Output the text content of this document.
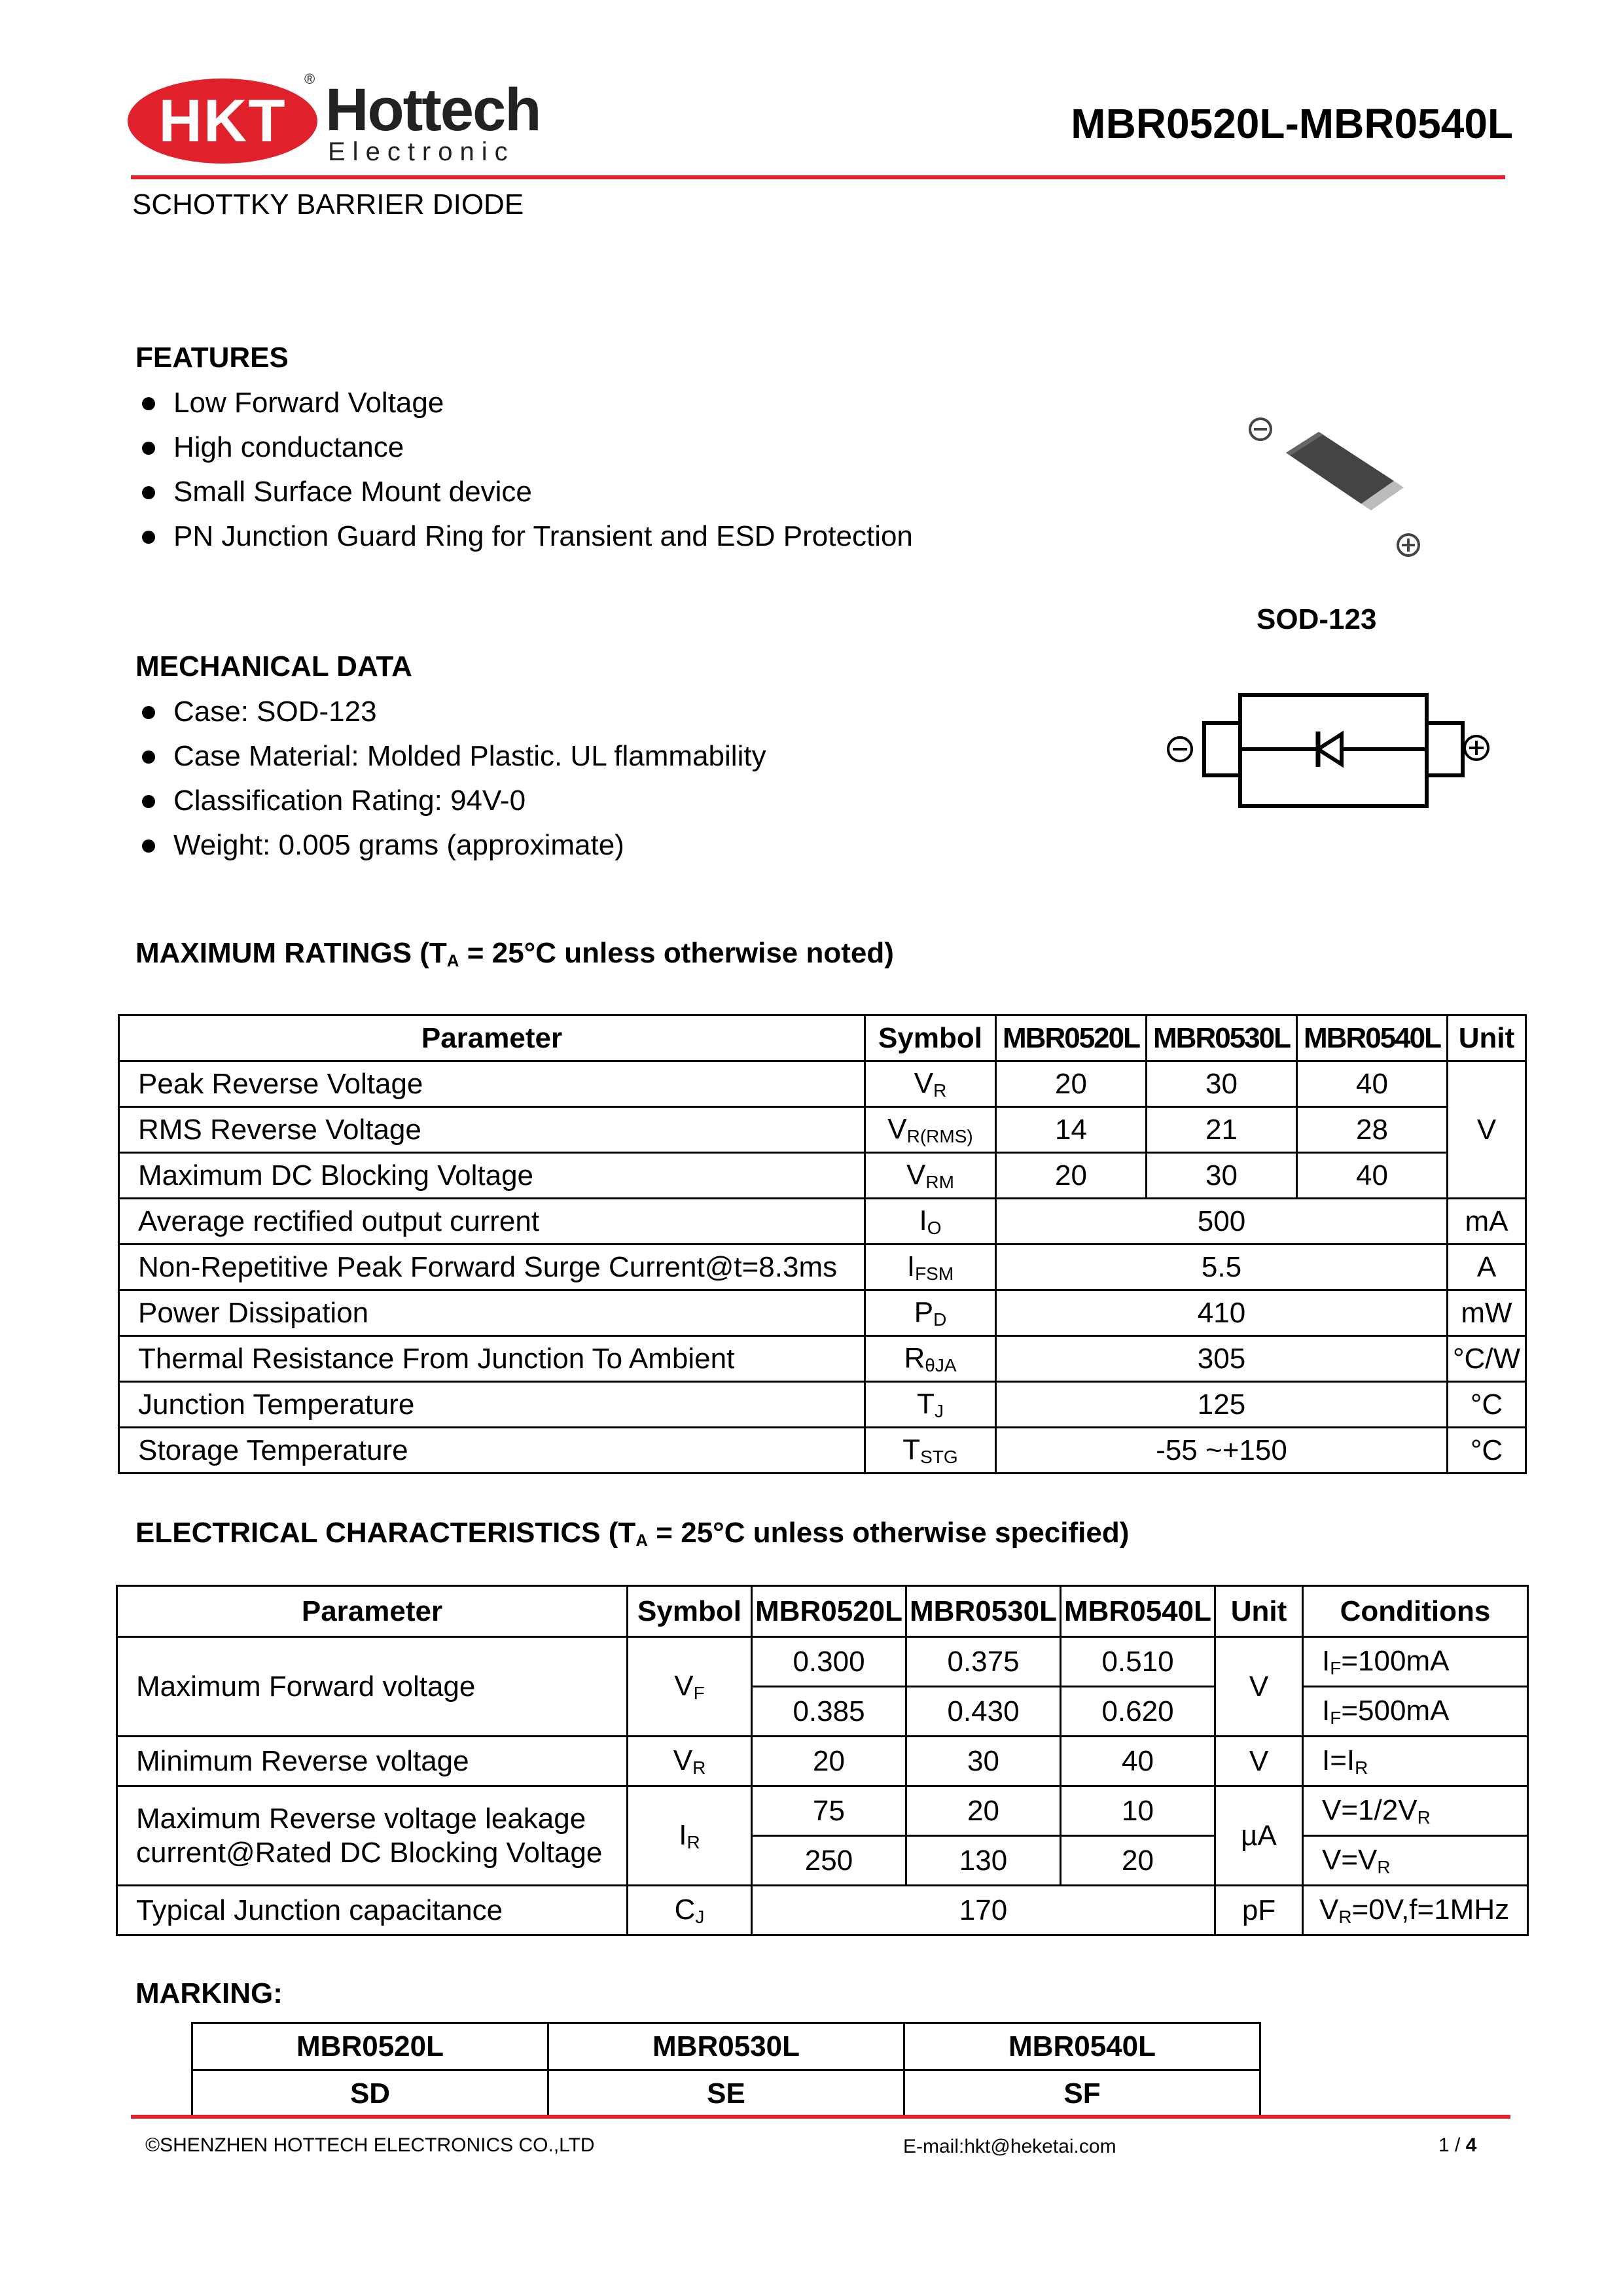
HKT
® Hottech
Electronic
MBR0520L-MBR0540L
SCHOTTKY BARRIER DIODE
FEATURES
Low Forward Voltage
High conductance
Small Surface Mount device
PN Junction Guard Ring for Transient and ESD Protection
SOD-123
MECHANICAL DATA
Case: SOD-123
Case Material: Molded Plastic. UL flammability
Classification Rating: 94V-0
Weight: 0.005 grams (approximate)
MAXIMUM RATINGS ($T_A = 25^\circ C$ unless otherwise noted)
Parameter	Symbol	MBR0520L	MBR0530L	MBR0540L	Unit
Peak Reverse Voltage	$V_R$	20	30	40	V
RMS Reverse Voltage	$V_{R(RMS)}$	14	21	28	
Maximum DC Blocking Voltage	$V_{RM}$	20	30	40	
Average rectified output current	$I_O$	500			mA
Non-Repetitive Peak Forward Surge Current@t=8.3ms	$I_{FSM}$	5.5			A
Power Dissipation	$P_D$	410			mW
Thermal Resistance From Junction To Ambient	$R_{\theta JA}$	305			°C/W
Junction Temperature	$T_J$	125			°C
Storage Temperature	$T_{STG}$	-55 ~+150			°C
ELECTRICAL CHARACTERISTICS ($T_A = 25^\circ C$ unless otherwise specified)
Parameter	Symbol	MBR0520L	MBR0530L	MBR0540L	Unit	Conditions
Maximum Forward voltage	$V_F$	0.300	0.375	0.510	V	$I_F=100mA$
		0.385	0.430	0.620		$I_F=500mA$
Minimum Reverse voltage	$V_R$	20	30	40	V	$I=I_R$
Maximum Reverse voltage leakage current@Rated DC Blocking Voltage	$I_R$	75	20	10	µA	$V=1/2V_R$
		250	130	20		$V=V_R$
Typical Junction capacitance	$C_J$	170			pF	$V_R=0V,f=1MHz$
MARKING:
MBR0520L	MBR0530L	MBR0540L
SD	SE	SF
©SHENZHEN HOTTECH ELECTRONICS CO.,LTD	E-mail:hkt@heketai.com	1 / 4
